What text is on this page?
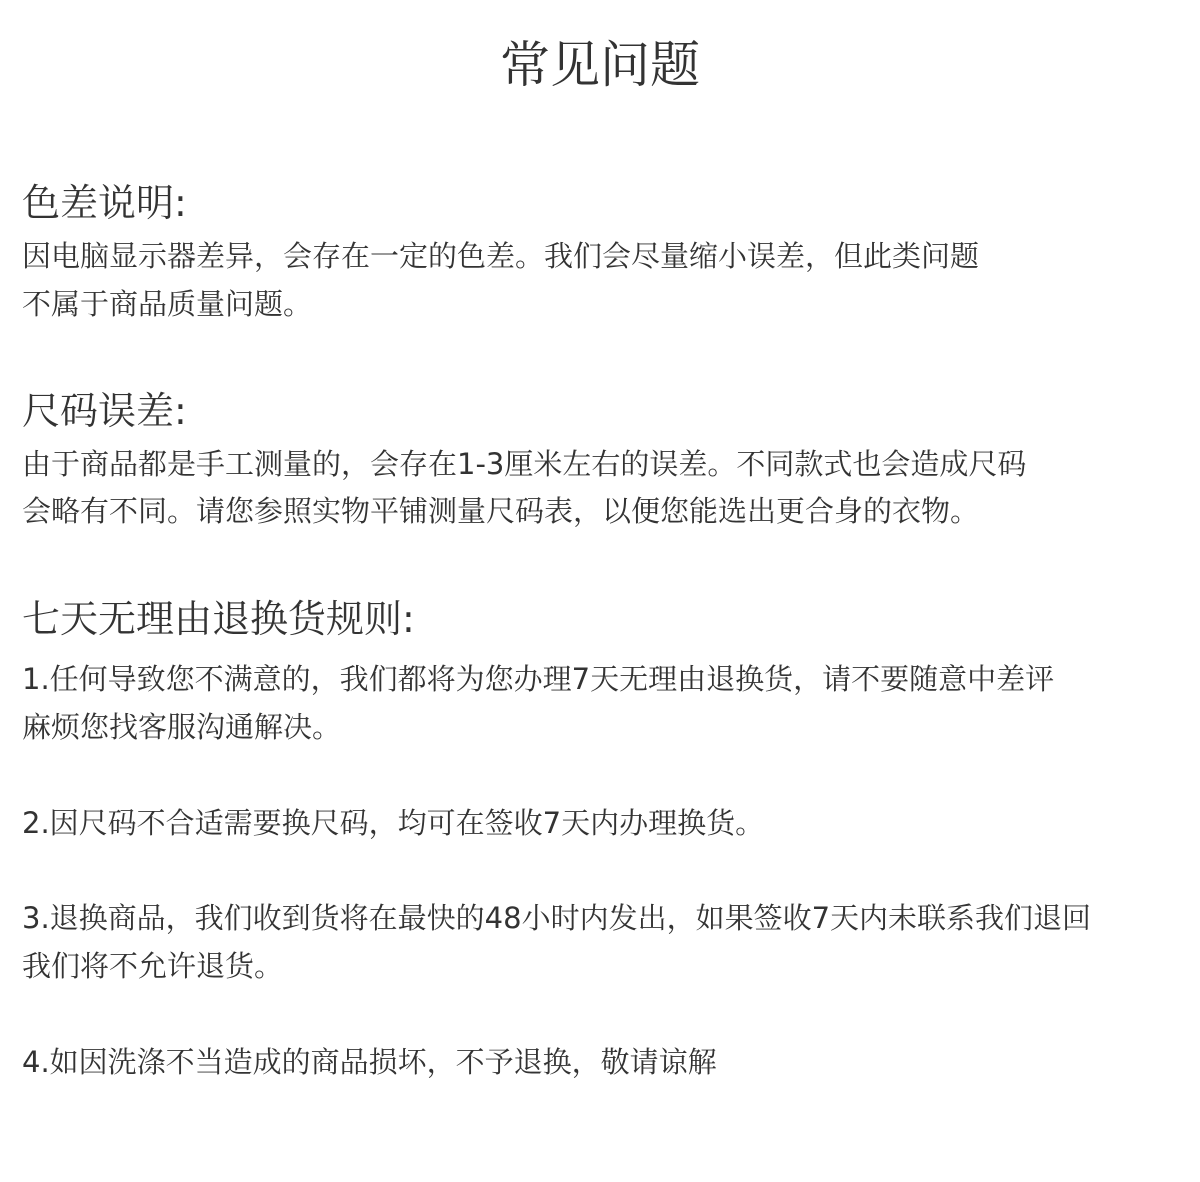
常见问题
色差说明:
因电脑显示器差异，会存在一定的色差。我们会尽量缩小误差，但此类问题
不属于商品质量问题。
尺码误差:
由于商品都是手工测量的，会存在1-3厘米左右的误差。不同款式也会造成尺码
会略有不同。请您参照实物平铺测量尺码表，以便您能选出更合身的衣物。
七天无理由退换货规则:
1.任何导致您不满意的，我们都将为您办理7天无理由退换货，请不要随意中差评
麻烦您找客服沟通解决。
2.因尺码不合适需要换尺码，均可在签收7天内办理换货。
3.退换商品，我们收到货将在最快的48小时内发出，如果签收7天内未联系我们退回
我们将不允许退货。
4.如因洗涤不当造成的商品损坏，不予退换，敬请谅解
